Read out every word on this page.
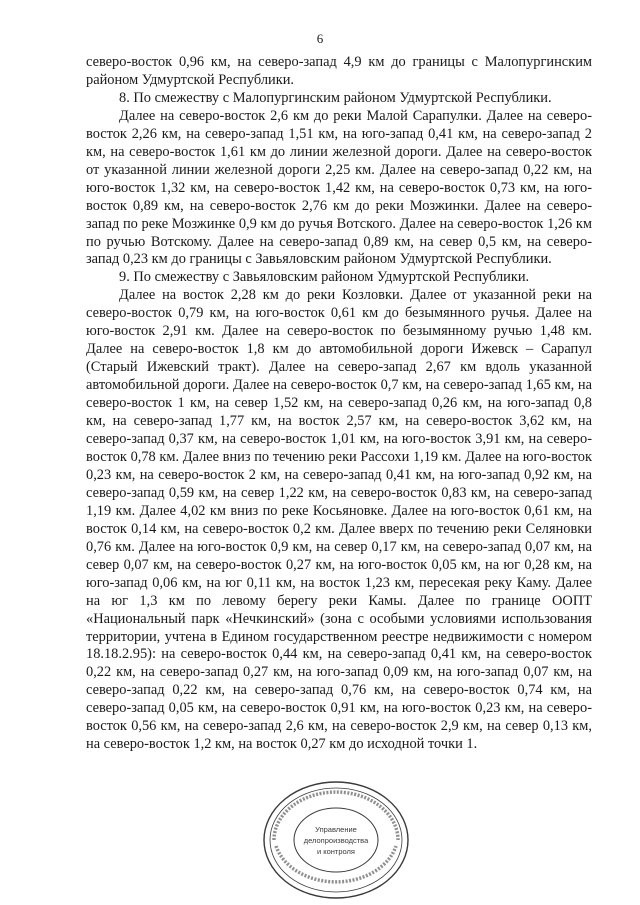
6

северо-восток 0,96 км, на северо-запад 4,9 км до границы с Малопургинским районом Удмуртской Республики.

8. По смежеству с Малопургинским районом Удмуртской Республики.

Далее на северо-восток 2,6 км до реки Малой Сарапулки. Далее на северо-восток 2,26 км, на северо-запад 1,51 км, на юго-запад 0,41 км, на северо-запад 2 км, на северо-восток 1,61 км до линии железной дороги. Далее на северо-восток от указанной линии железной дороги 2,25 км. Далее на северо-запад 0,22 км, на юго-восток 1,32 км, на северо-восток 1,42 км, на северо-восток 0,73 км, на юго-восток 0,89 км, на северо-восток 2,76 км до реки Мозжинки. Далее на северо-запад по реке Мозжинке 0,9 км до ручья Вотского. Далее на северо-восток 1,26 км по ручью Вотскому. Далее на северо-запад 0,89 км, на север 0,5 км, на северо-запад 0,23 км до границы с Завьяловским районом Удмуртской Республики.

9. По смежеству с Завьяловским районом Удмуртской Республики.

Далее на восток 2,28 км до реки Козловки. Далее от указанной реки на северо-восток 0,79 км, на юго-восток 0,61 км до безымянного ручья. Далее на юго-восток 2,91 км. Далее на северо-восток по безымянному ручью 1,48 км. Далее на северо-восток 1,8 км до автомобильной дороги Ижевск – Сарапул (Старый Ижевский тракт). Далее на северо-запад 2,67 км вдоль указанной автомобильной дороги. Далее на северо-восток 0,7 км, на северо-запад 1,65 км, на северо-восток 1 км, на север 1,52 км, на северо-запад 0,26 км, на юго-запад 0,8 км, на северо-запад 1,77 км, на восток 2,57 км, на северо-восток 3,62 км, на северо-запад 0,37 км, на северо-восток 1,01 км, на юго-восток 3,91 км, на северо-восток 0,78 км. Далее вниз по течению реки Рассохи 1,19 км. Далее на юго-восток 0,23 км, на северо-восток 2 км, на северо-запад 0,41 км, на юго-запад 0,92 км, на северо-запад 0,59 км, на север 1,22 км, на северо-восток 0,83 км, на северо-запад 1,19 км. Далее 4,02 км вниз по реке Косьяновке. Далее на юго-восток 0,61 км, на восток 0,14 км, на северо-восток 0,2 км. Далее вверх по течению реки Селяновки 0,76 км. Далее на юго-восток 0,9 км, на север 0,17 км, на северо-запад 0,07 км, на север 0,07 км, на северо-восток 0,27 км, на юго-восток 0,05 км, на юг 0,28 км, на юго-запад 0,06 км, на юг 0,11 км, на восток 1,23 км, пересекая реку Каму. Далее на юг 1,3 км по левому берегу реки Камы. Далее по границе ООПТ «Национальный парк «Нечкинский» (зона с особыми условиями использования территории, учтена в Едином государственном реестре недвижимости с номером 18.18.2.95): на северо-восток 0,44 км, на северо-запад 0,41 км, на северо-восток 0,22 км, на северо-запад 0,27 км, на юго-запад 0,09 км, на юго-запад 0,07 км, на северо-запад 0,22 км, на северо-запад 0,76 км, на северо-восток 0,74 км, на северо-запад 0,05 км, на северо-восток 0,91 км, на юго-восток 0,23 км, на северо-восток 0,56 км, на северо-запад 2,6 км, на северо-восток 2,9 км, на север 0,13 км, на северо-восток 1,2 км, на восток 0,27 км до исходной точки 1.

Управление
делопроизводства
и контроля
